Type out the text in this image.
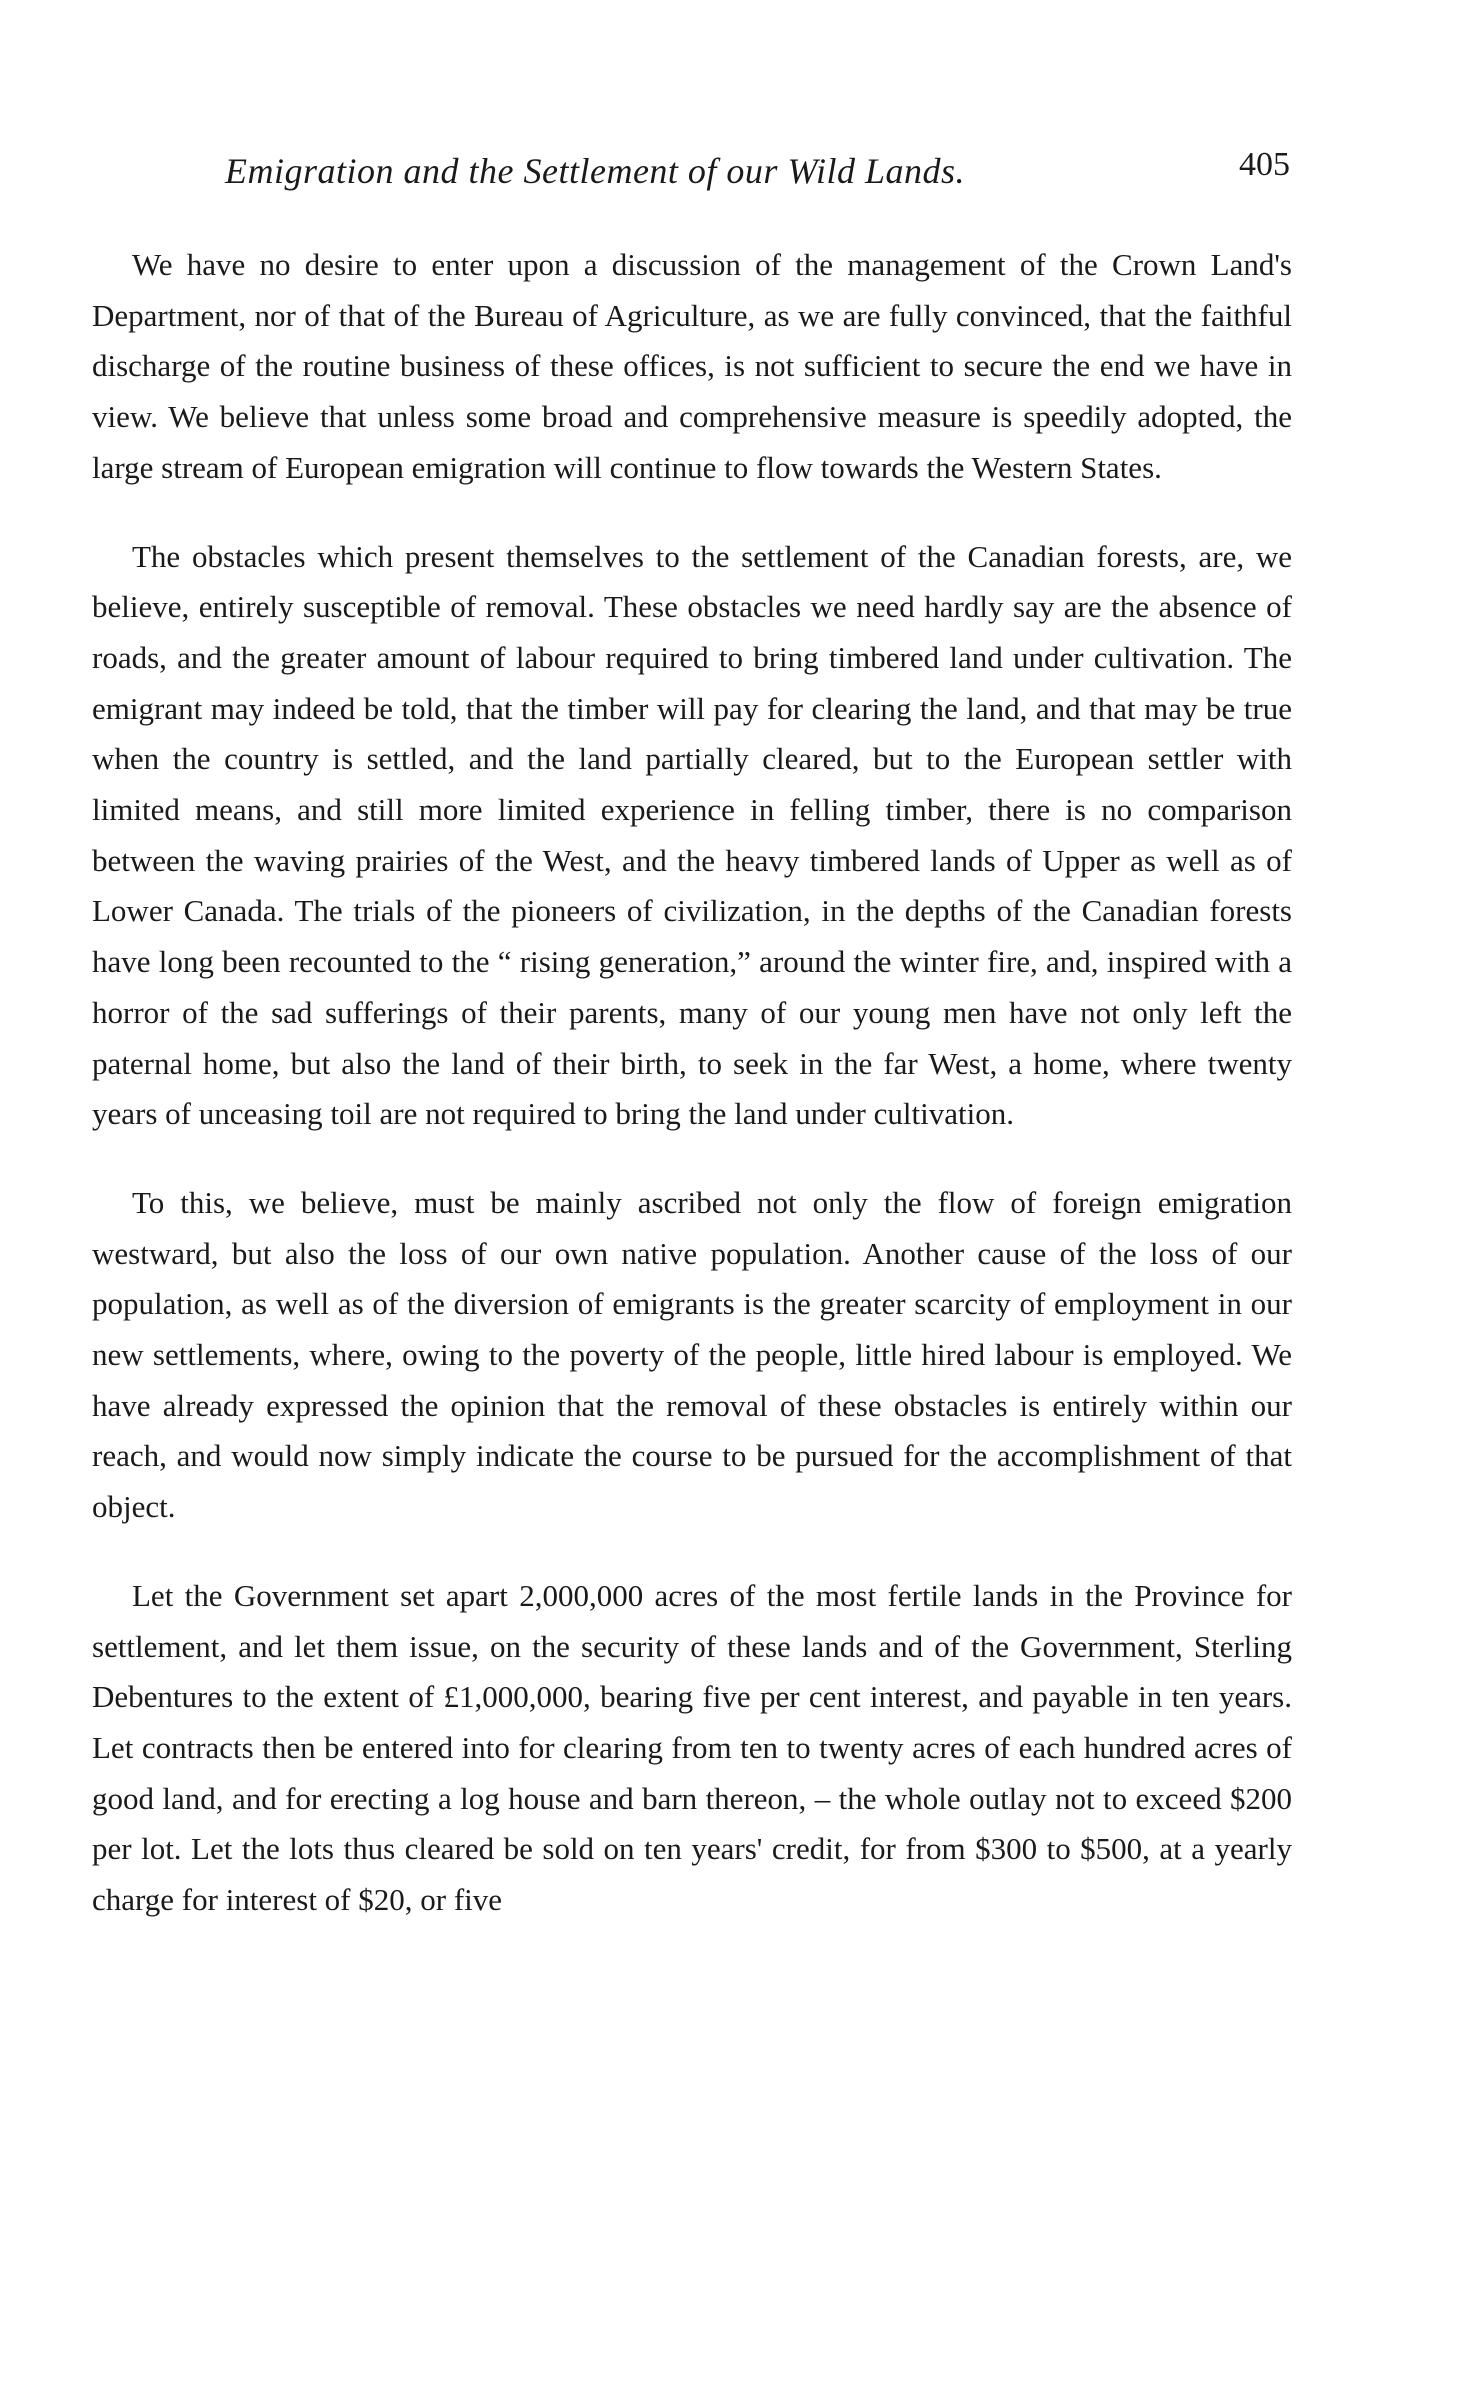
Emigration and the Settlement of our Wild Lands.	405

We have no desire to enter upon a discussion of the management of the Crown Land's Department, nor of that of the Bureau of Agriculture, as we are fully convinced, that the faithful discharge of the routine business of these offices, is not sufficient to secure the end we have in view. We believe that unless some broad and comprehensive measure is speedily adopted, the large stream of European emigration will continue to flow towards the Western States.

The obstacles which present themselves to the settlement of the Canadian forests, are, we believe, entirely susceptible of removal. These obstacles we need hardly say are the absence of roads, and the greater amount of labour required to bring timbered land under cultivation. The emigrant may indeed be told, that the timber will pay for clearing the land, and that may be true when the country is settled, and the land partially cleared, but to the European settler with limited means, and still more limited experience in felling timber, there is no comparison between the waving prairies of the West, and the heavy timbered lands of Upper as well as of Lower Canada. The trials of the pioneers of civilization, in the depths of the Canadian forests have long been recounted to the “ rising generation,” around the winter fire, and, inspired with a horror of the sad sufferings of their parents, many of our young men have not only left the paternal home, but also the land of their birth, to seek in the far West, a home, where twenty years of unceasing toil are not required to bring the land under cultivation.

To this, we believe, must be mainly ascribed not only the flow of foreign emigration westward, but also the loss of our own native population. Another cause of the loss of our population, as well as of the diversion of emigrants is the greater scarcity of employment in our new settlements, where, owing to the poverty of the people, little hired labour is employed. We have already expressed the opinion that the removal of these obstacles is entirely within our reach, and would now simply indicate the course to be pursued for the accomplishment of that object.

Let the Government set apart 2,000,000 acres of the most fertile lands in the Province for settlement, and let them issue, on the security of these lands and of the Government, Sterling Debentures to the extent of £1,000,000, bearing five per cent interest, and payable in ten years. Let contracts then be entered into for clearing from ten to twenty acres of each hundred acres of good land, and for erecting a log house and barn thereon, – the whole outlay not to exceed $200 per lot. Let the lots thus cleared be sold on ten years' credit, for from $300 to $500, at a yearly charge for interest of $20, or five
